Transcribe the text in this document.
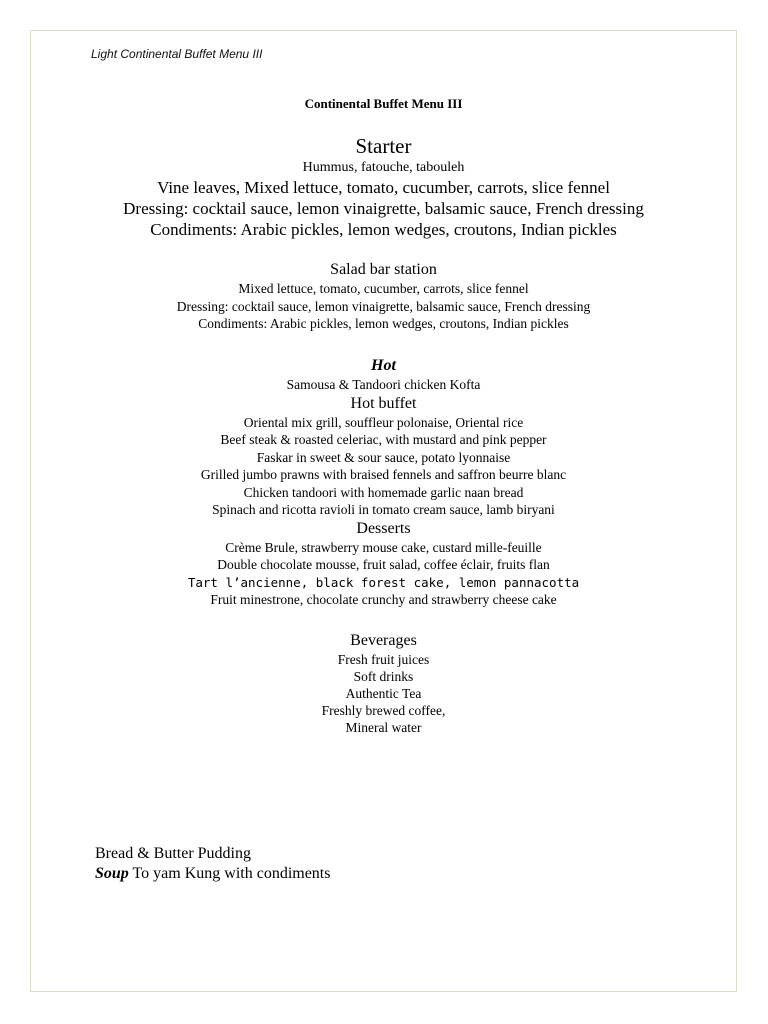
Light Continental Buffet Menu III
Continental Buffet Menu III
Starter
Hummus, fatouche, tabouleh
Vine leaves, Mixed lettuce, tomato, cucumber, carrots, slice fennel
Dressing: cocktail sauce, lemon vinaigrette, balsamic sauce, French dressing
Condiments: Arabic pickles, lemon wedges, croutons, Indian pickles
Salad bar station
Mixed lettuce, tomato, cucumber, carrots, slice fennel
Dressing: cocktail sauce, lemon vinaigrette, balsamic sauce, French dressing
Condiments: Arabic pickles, lemon wedges, croutons, Indian pickles
Hot
Samousa & Tandoori chicken Kofta
Hot buffet
Oriental mix grill, souffleur polonaise, Oriental rice
Beef steak & roasted celeriac, with mustard and pink pepper
Faskar in sweet & sour sauce, potato lyonnaise
Grilled jumbo prawns with braised fennels and saffron beurre blanc
Chicken tandoori with homemade garlic naan bread
Spinach and ricotta ravioli in tomato cream sauce, lamb biryani
Desserts
Crème Brule, strawberry mouse cake, custard mille-feuille
Double chocolate mousse, fruit salad, coffee éclair, fruits flan
Tart l’ancienne, black forest cake, lemon pannacotta
Fruit minestrone, chocolate crunchy and strawberry cheese cake
Beverages
Fresh fruit juices
Soft drinks
Authentic Tea
Freshly brewed coffee,
Mineral water
Bread & Butter Pudding
Soup To yam Kung with condiments
